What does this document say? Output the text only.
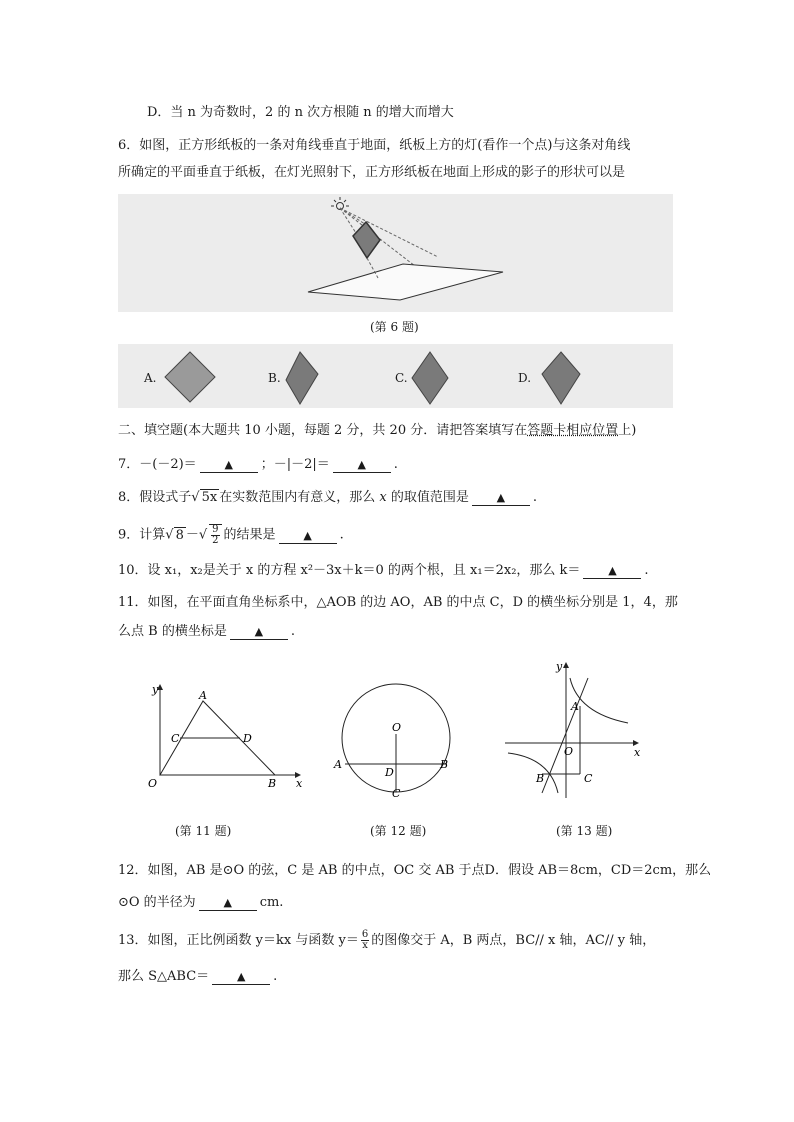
D．当 n 为奇数时，2 的 n 次方根随 n 的增大而增大
6．如图，正方形纸板的一条对角线垂直于地面，纸板上方的灯(看作一个点)与这条对角线
所确定的平面垂直于纸板，在灯光照射下，正方形纸板在地面上形成的影子的形状可以是
(第 6 题)
A.	B.	C.	D.
二、填空题(本大题共 10 小题，每题 2 分，共 20 分．请把答案填写在答题卡相应位置上)
7．－(－2)＝	▲ ；－|－2|＝	▲ .
8．假设式子√ 5x 在实数范围内有意义，那么 x 的取值范围是	▲ .
9．计算√ 8 －√ $\frac{9}{2}$ 的结果是	▲ .
10．设 x₁，x₂是关于 x 的方程 x²－3x＋k＝0 的两个根，且 x₁＝2x₂，那么 k＝	▲ .
11．如图，在平面直角坐标系中，△AOB 的边 AO，AB 的中点 C，D 的横坐标分别是 1，4，那
么点 B 的横坐标是	▲ .
y
x
O
A
B
C	D
(第 11 题)
O
A	B
D
C
(第 12 题)
y
x
O
A
B	C
(第 13 题)
12．如图，AB 是⊙O 的弦，C 是 AB 的中点，OC 交 AB 于点D．假设 AB＝8cm，CD＝2cm，那么
⊙O 的半径为	▲ cm.
13．如图，正比例函数 y＝kx 与函数 $y= \frac{6}{x}$ 的图像交于 A，B 两点，BC// x 轴，AC// y 轴，
那么 S△ABC＝	▲ .
